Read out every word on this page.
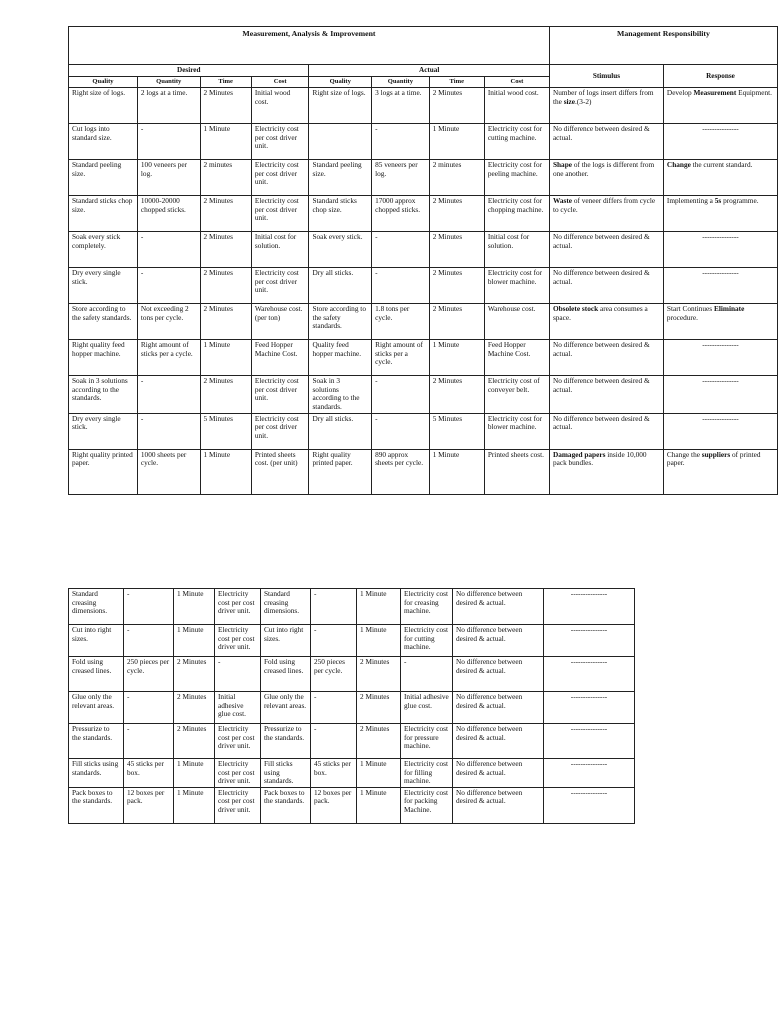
Measurement, Analysis & Improvement								Management Responsibility	
Desired				Actual				Stimulus	Response
Quality	Quantity	Time	Cost	Quality	Quantity	Time	Cost		
Right size of logs.	2 logs at a time.	2 Minutes	Initial wood cost.	Right size of logs.	3 logs at a time.	2 Minutes	Initial wood cost.	Number of logs insert differs from the size.(3-2)	Develop Measurement Equipment.
Cut logs into standard size.	-	1 Minute	Electricity cost per cost driver unit.		-	1 Minute	Electricity cost for cutting machine.	No difference between desired & actual.	---------------
Standard peeling size.	100 veneers per log.	2 minutes	Electricity cost per cost driver unit.	Standard peeling size.	85 veneers per log.	2 minutes	Electricity cost for peeling machine.	Shape of the logs is different from one another.	Change the current standard.
Standard sticks chop size.	10000-20000 chopped sticks.	2 Minutes	Electricity cost per cost driver unit.	Standard sticks chop size.	17000 approx chopped sticks.	2 Minutes	Electricity cost for chopping machine.	Waste of veneer differs from cycle to cycle.	Implementing a 5s programme.
Soak every stick completely.	-	2 Minutes	Initial cost for solution.	Soak every stick.	-	2 Minutes	Initial cost for solution.	No difference between desired & actual.	---------------
Dry every single stick.	-	2 Minutes	Electricity cost per cost driver unit.	Dry all sticks.	-	2 Minutes	Electricity cost for blower machine.	No difference between desired & actual.	---------------
Store according to the safety standards.	Not exceeding 2 tons per cycle.	2 Minutes	Warehouse cost. (per ton)	Store according to the safety standards.	1.8 tons per cycle.	2 Minutes	Warehouse cost.	Obsolete stock area consumes a space.	Start Continues Eliminate procedure.
Right quality feed hopper machine.	Right amount of sticks per a cycle.	1 Minute	Feed Hopper Machine Cost.	Quality feed hopper machine.	Right amount of sticks per a cycle.	1 Minute	Feed Hopper Machine Cost.	No difference between desired & actual.	---------------
Soak in 3 solutions according to the standards.	-	2 Minutes	Electricity cost per cost driver unit.	Soak in 3 solutions according to the standards.	-	2 Minutes	Electricity cost of conveyer belt.	No difference between desired & actual.	---------------
Dry every single stick.	-	5 Minutes	Electricity cost per cost driver unit.	Dry all sticks.	-	5 Minutes	Electricity cost for blower machine.	No difference between desired & actual.	---------------
Right quality printed paper.	1000 sheets per cycle.	1 Minute	Printed sheets cost. (per unit)	Right quality printed paper.	890 approx sheets per cycle.	1 Minute	Printed sheets cost.	Damaged papers inside 10,000 pack bundles.	Change the suppliers of printed paper.
Standard creasing dimensions.	-	1 Minute	Electricity cost per cost driver unit.	Standard creasing dimensions.	-	1 Minute	Electricity cost for creasing machine.	No difference between desired & actual.	---------------
Cut into right sizes.	-	1 Minute	Electricity cost per cost driver unit.	Cut into right sizes.	-	1 Minute	Electricity cost for cutting machine.	No difference between desired & actual.	---------------
Fold using creased lines.	250 pieces per cycle.	2 Minutes	-	Fold using creased lines.	250 pieces per cycle.	2 Minutes	-	No difference between desired & actual.	---------------
Glue only the relevant areas.	-	2 Minutes	Initial adhesive glue cost.	Glue only the relevant areas.	-	2 Minutes	Initial adhesive glue cost.	No difference between desired & actual.	---------------
Pressurize to the standards.	-	2 Minutes	Electricity cost per cost driver unit.	Pressurize to the standards.	-	2 Minutes	Electricity cost for pressure machine.	No difference between desired & actual.	---------------
Fill sticks using standards.	45 sticks per box.	1 Minute	Electricity cost per cost driver unit.	Fill sticks using standards.	45 sticks per box.	1 Minute	Electricity cost for filling machine.	No difference between desired & actual.	---------------
Pack boxes to the standards.	12 boxes per pack.	1 Minute	Electricity cost per cost driver unit.	Pack boxes to the standards.	12 boxes per pack.	1 Minute	Electricity cost for packing Machine.	No difference between desired & actual.	---------------
